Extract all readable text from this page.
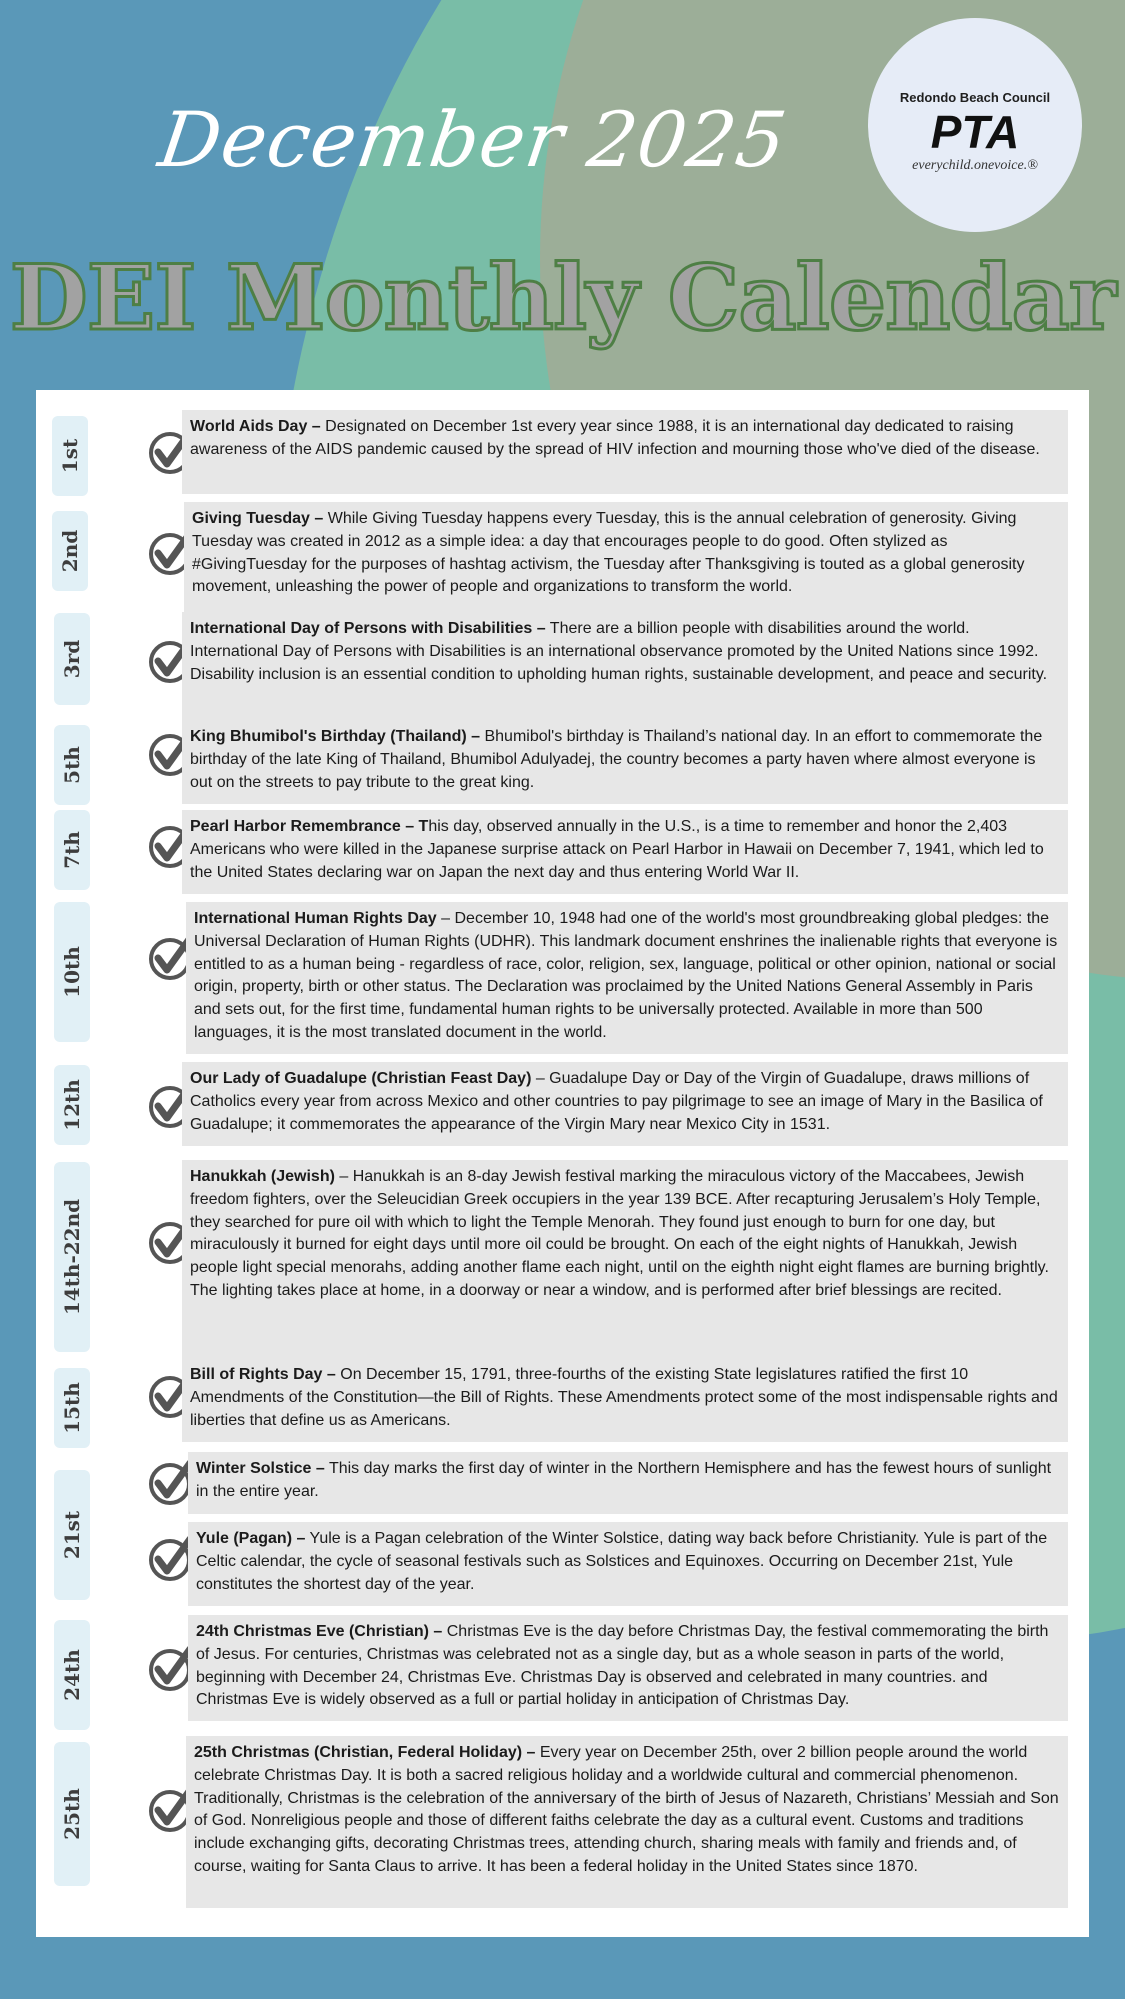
December 2025	Redondo Beach Council
PTA
everychild.onevoice.®
DEI Monthly Calendar
1st
2nd
3rd
5th
7th
10th
12th
14th-22nd
15th
21st
24th
25th
World Aids Day – Designated on December 1st every year since 1988, it is an international day dedicated to raising awareness of the AIDS pandemic caused by the spread of HIV infection and mourning those who've died of the disease.
Giving Tuesday – While Giving Tuesday happens every Tuesday, this is the annual celebration of generosity. Giving Tuesday was created in 2012 as a simple idea: a day that encourages people to do good. Often stylized as #GivingTuesday for the purposes of hashtag activism, the Tuesday after Thanksgiving is touted as a global generosity movement, unleashing the power of people and organizations to transform the world.
International Day of Persons with Disabilities – There are a billion people with disabilities around the world. International Day of Persons with Disabilities is an international observance promoted by the United Nations since 1992. Disability inclusion is an essential condition to upholding human rights, sustainable development, and peace and security.
King Bhumibol's Birthday (Thailand) – Bhumibol's birthday is Thailand’s national day. In an effort to commemorate the birthday of the late King of Thailand, Bhumibol Adulyadej, the country becomes a party haven where almost everyone is out on the streets to pay tribute to the great king.
Pearl Harbor Remembrance – This day, observed annually in the U.S., is a time to remember and honor the 2,403 Americans who were killed in the Japanese surprise attack on Pearl Harbor in Hawaii on December 7, 1941, which led to the United States declaring war on Japan the next day and thus entering World War II.
International Human Rights Day – December 10, 1948 had one of the world's most groundbreaking global pledges: the Universal Declaration of Human Rights (UDHR). This landmark document enshrines the inalienable rights that everyone is entitled to as a human being - regardless of race, color, religion, sex, language, political or other opinion, national or social origin, property, birth or other status. The Declaration was proclaimed by the United Nations General Assembly in Paris and sets out, for the first time, fundamental human rights to be universally protected. Available in more than 500 languages, it is the most translated document in the world.
Our Lady of Guadalupe (Christian Feast Day) – Guadalupe Day or Day of the Virgin of Guadalupe, draws millions of Catholics every year from across Mexico and other countries to pay pilgrimage to see an image of Mary in the Basilica of Guadalupe; it commemorates the appearance of the Virgin Mary near Mexico City in 1531.
Hanukkah (Jewish) – Hanukkah is an 8-day Jewish festival marking the miraculous victory of the Maccabees, Jewish freedom fighters, over the Seleucidian Greek occupiers in the year 139 BCE. After recapturing Jerusalem’s Holy Temple, they searched for pure oil with which to light the Temple Menorah. They found just enough to burn for one day, but miraculously it burned for eight days until more oil could be brought. On each of the eight nights of Hanukkah, Jewish people light special menorahs, adding another flame each night, until on the eighth night eight flames are burning brightly. The lighting takes place at home, in a doorway or near a window, and is performed after brief blessings are recited.
Bill of Rights Day – On December 15, 1791, three-fourths of the existing State legislatures ratified the first 10 Amendments of the Constitution—the Bill of Rights. These Amendments protect some of the most indispensable rights and liberties that define us as Americans.
Winter Solstice – This day marks the first day of winter in the Northern Hemisphere and has the fewest hours of sunlight in the entire year.
Yule (Pagan) – Yule is a Pagan celebration of the Winter Solstice, dating way back before Christianity. Yule is part of the Celtic calendar, the cycle of seasonal festivals such as Solstices and Equinoxes. Occurring on December 21st, Yule constitutes the shortest day of the year.
24th Christmas Eve (Christian) – Christmas Eve is the day before Christmas Day, the festival commemorating the birth of Jesus. For centuries, Christmas was celebrated not as a single day, but as a whole season in parts of the world, beginning with December 24, Christmas Eve. Christmas Day is observed and celebrated in many countries. and Christmas Eve is widely observed as a full or partial holiday in anticipation of Christmas Day.
25th Christmas (Christian, Federal Holiday) – Every year on December 25th, over 2 billion people around the world celebrate Christmas Day. It is both a sacred religious holiday and a worldwide cultural and commercial phenomenon. Traditionally, Christmas is the celebration of the anniversary of the birth of Jesus of Nazareth, Christians’ Messiah and Son of God. Nonreligious people and those of different faiths celebrate the day as a cultural event. Customs and traditions include exchanging gifts, decorating Christmas trees, attending church, sharing meals with family and friends and, of course, waiting for Santa Claus to arrive. It has been a federal holiday in the United States since 1870.
